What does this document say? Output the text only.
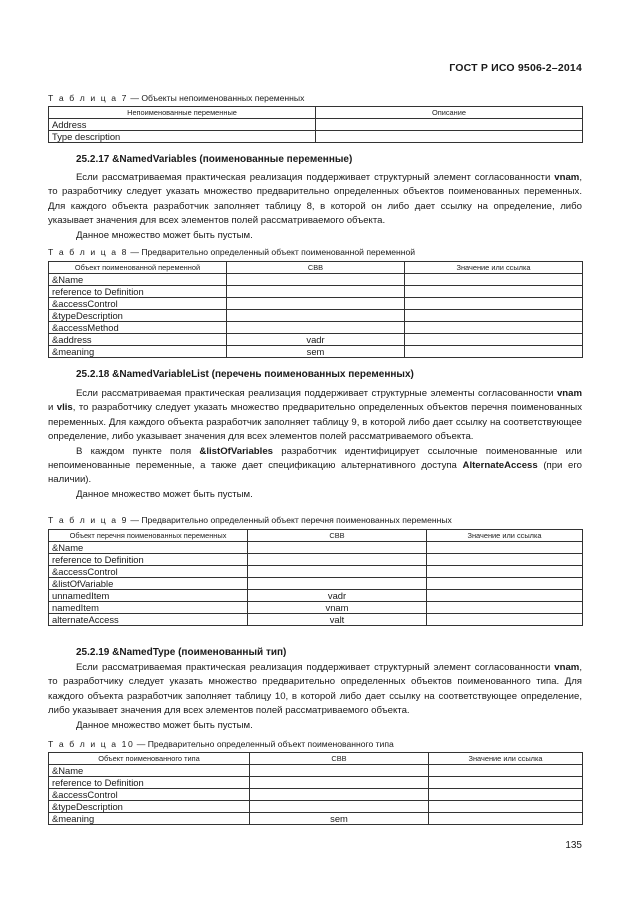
ГОСТ Р ИСО 9506-2–2014
Т а б л и ц а 7 — Объекты непоименованных переменных
Непоименованные переменные	Описание
Address	
Type description	
25.2.17 &NamedVariables (поименованные переменные)

Если рассматриваемая практическая реализация поддерживает структурный элемент согласованности vnam, то разработчику следует указать множество предварительно определенных объектов поименованных переменных. Для каждого объекта разработчик заполняет таблицу 8, в которой он либо дает ссылку на определение, либо указывает значения для всех элементов полей рассматриваемого объекта.

Данное множество может быть пустым.

Т а б л и ц а 8 — Предварительно определенный объект поименованной переменной
Объект поименованной переменной	CBB	Значение или ссылка
&Name		
reference to Definition		
&accessControl		
&typeDescription		
&accessMethod		
&address	vadr	
&meaning	sem	
25.2.18 &NamedVariableList (перечень поименованных переменных)

Если рассматриваемая практическая реализация поддерживает структурные элементы согласованности vnam и vlis, то разработчику следует указать множество предварительно определенных объектов перечня поименованных переменных. Для каждого объекта разработчик заполняет таблицу 9, в которой либо дает ссылку на соответствующее определение, либо указывает значения для всех элементов полей рассматриваемого объекта.

В каждом пункте поля &listOfVariables разработчик идентифицирует ссылочные поименованные или непоименованные переменные, а также дает спецификацию альтернативного доступа AlternateAccess (при его наличии).

Данное множество может быть пустым.

Т а б л и ц а 9 — Предварительно определенный объект перечня поименованных переменных
Объект перечня поименованных переменных	CBB	Значение или ссылка
&Name		
reference to Definition		
&accessControl		
&listOfVariable		
unnamedItem	vadr	
namedItem	vnam	
alternateAccess	valt	
25.2.19 &NamedType (поименованный тип)

Если рассматриваемая практическая реализация поддерживает структурный элемент согласованности vnam, то разработчику следует указать множество предварительно определенных объектов поименованного типа. Для каждого объекта разработчик заполняет таблицу 10, в которой либо дает ссылку на соответствующее определение, либо указывает значения для всех элементов полей рассматриваемого объекта.

Данное множество может быть пустым.

Т а б л и ц а 10 — Предварительно определенный объект поименованного типа
Объект поименованного типа	CBB	Значение или ссылка
&Name		
reference to Definition		
&accessControl		
&typeDescription		
&meaning	sem	
135
